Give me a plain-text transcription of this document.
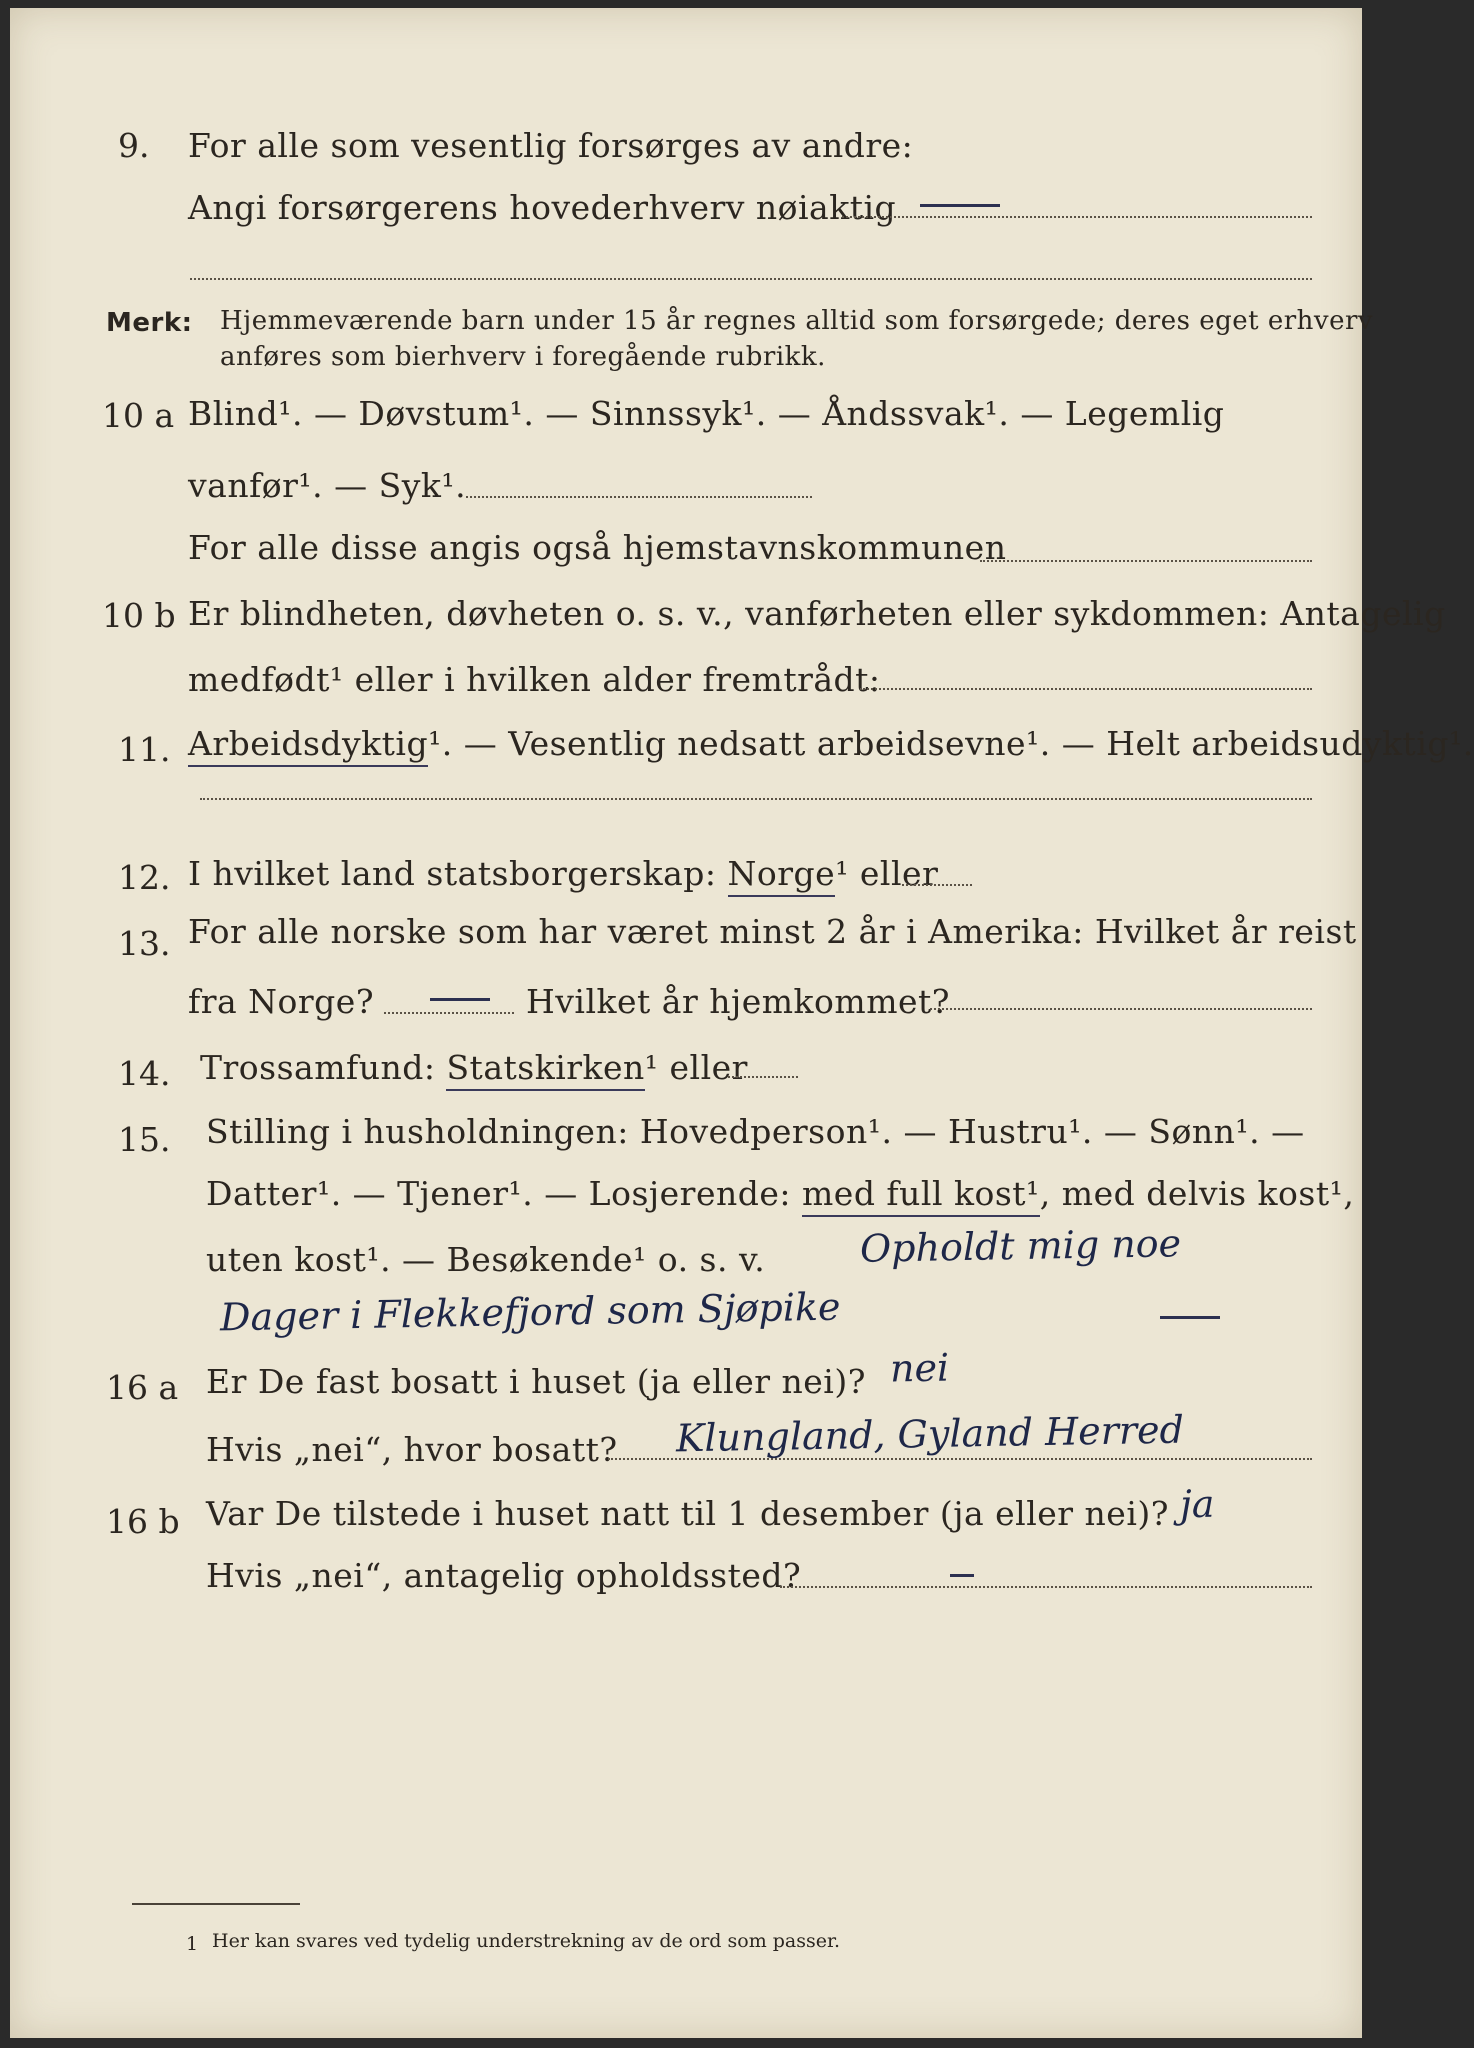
9. For alle som vesentlig forsørges av andre:
Angi forsørgerens hovederhverv nøiaktig
Merk: Hjemmeværende barn under 15 år regnes alltid som forsørgede; deres eget erhverv
anføres som bierhverv i foregående rubrikk.
10 a Blind¹. — Døvstum¹. — Sinnssyk¹. — Åndssvak¹. — Legemlig
vanfør¹. — Syk¹.
For alle disse angis også hjemstavnskommunen
10 b Er blindheten, døvheten o. s. v., vanførheten eller sykdommen: Antagelig
medfødt¹ eller i hvilken alder fremtrådt:
11. Arbeidsdyktig¹. — Vesentlig nedsatt arbeidsevne¹. — Helt arbeidsudyktig¹.
12. I hvilket land statsborgerskap: Norge¹ eller
13. For alle norske som har været minst 2 år i Amerika: Hvilket år reist
fra Norge?	Hvilket år hjemkommet?
14. Trossamfund: Statskirken¹ eller
15. Stilling i husholdningen: Hovedperson¹. — Hustru¹. — Sønn¹. —
Datter¹. — Tjener¹. — Losjerende: med full kost¹, med delvis kost¹,
uten kost¹. — Besøkende¹ o. s. v. Opholdt mig noe
Dager i Flekkefjord som Sjøpike
16 a Er De fast bosatt i huset (ja eller nei)? nei
Hvis „nei“, hvor bosatt? Klungland, Gyland Herred
16 b Var De tilstede i huset natt til 1 desember (ja eller nei)? ja
Hvis „nei“, antagelig opholdssted?
1 Her kan svares ved tydelig understrekning av de ord som passer.
